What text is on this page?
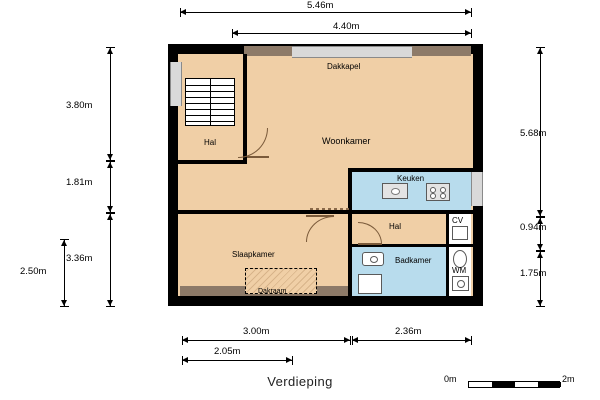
5.46m
4.40m
3.80m
1.81m
3.36m
2.50m
5.68m
0.94m
1.75m
3.00m	2.36m
2.05m
Dakkapel
Woonkamer
Hal
Keuken
Hal
CV
Slaapkamer
Badkamer
WM
Dakraam
Verdieping	0m	2m
